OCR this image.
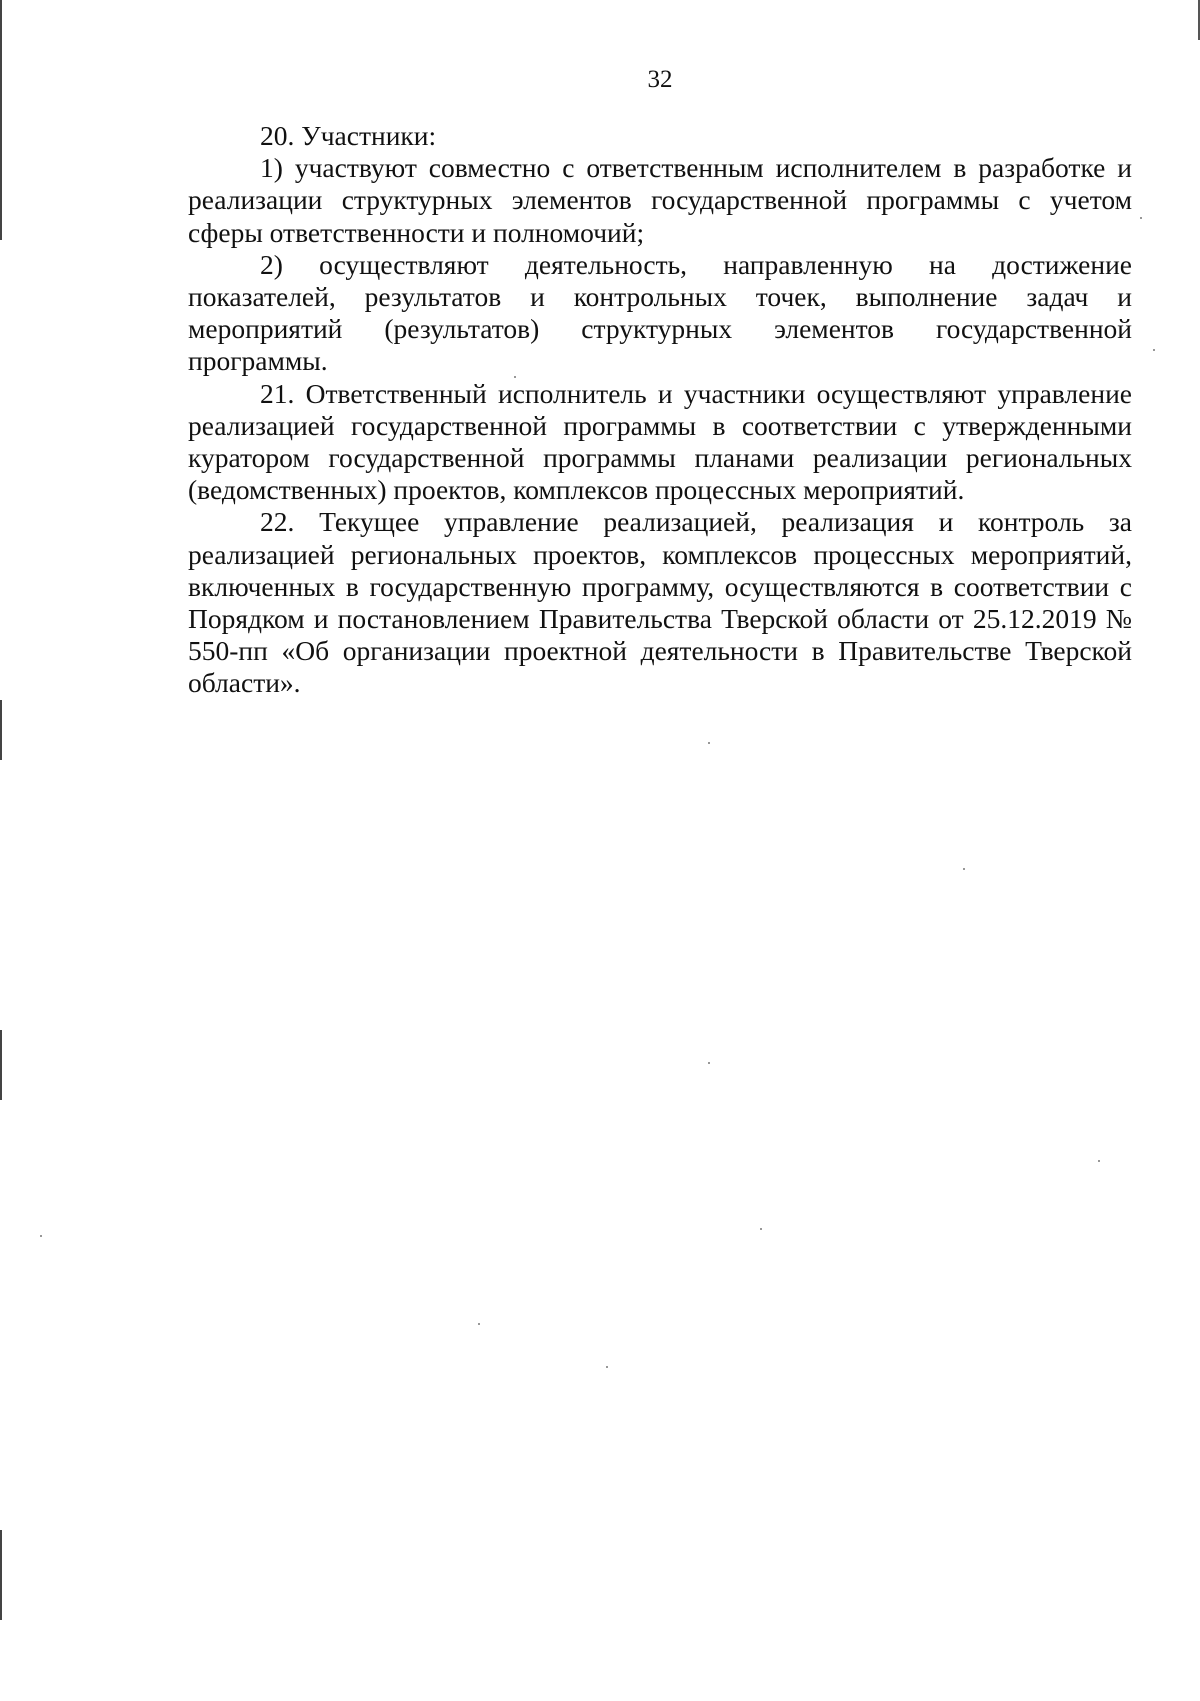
32

20. Участники:

1) участвуют совместно с ответственным исполнителем в разработке и реализации структурных элементов государственной программы с учетом сферы ответственности и полномочий;

2) осуществляют деятельность, направленную на достижение показателей, результатов и контрольных точек, выполнение задач и мероприятий (результатов) структурных элементов государственной программы.

21. Ответственный исполнитель и участники осуществляют управление реализацией государственной программы в соответствии с утвержденными куратором государственной программы планами реализации региональных (ведомственных) проектов, комплексов процессных мероприятий.

22. Текущее управление реализацией, реализация и контроль за реализацией региональных проектов, комплексов процессных мероприятий, включенных в государственную программу, осуществляются в соответствии с Порядком и постановлением Правительства Тверской области от 25.12.2019 № 550-пп «Об организации проектной деятельности в Правительстве Тверской области».
